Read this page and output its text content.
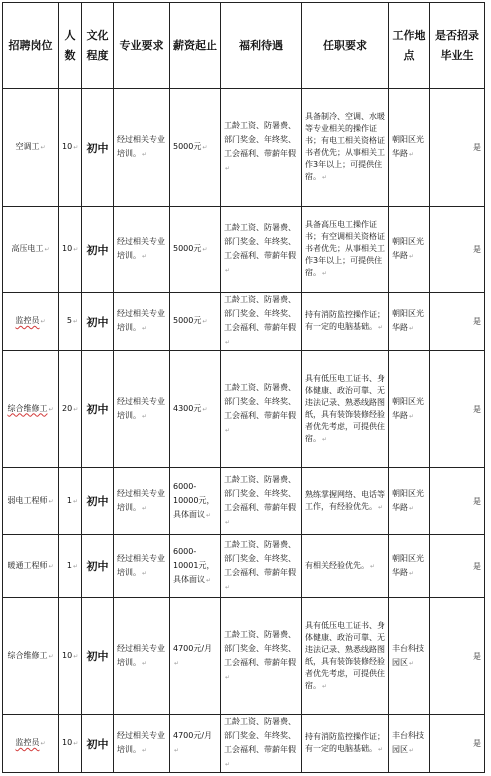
招聘岗位	人数	文化程度	专业要求	薪资起止	福利待遇	任职要求	工作地点	是否招录毕业生
空调工↵	10↵	初中	经过相关专业培训。↵	5000元↵	工龄工资、防暑费、部门奖金、年终奖、工会福利、带薪年假↵	具备制冷、空调、水暖等专业相关的操作证书；有电工相关资格证书者优先；从事相关工作3年以上；可提供住宿。↵	朝阳区光华路↵	是
高压电工↵	10↵	初中	经过相关专业培训。↵	5000元↵	工龄工资、防暑费、部门奖金、年终奖、工会福利、带薪年假↵	具备高压电工操作证书；有空调相关资格证书者优先；从事相关工作3年以上；可提供住宿。↵	朝阳区光华路↵	是
监控员↵	5↵	初中	经过相关专业培训。↵	5000元↵	工龄工资、防暑费、部门奖金、年终奖、工会福利、带薪年假↵	持有消防监控操作证；有一定的电脑基础。↵	朝阳区光华路↵	是
综合维修工↵	20↵	初中	经过相关专业培训。↵	4300元↵	工龄工资、防暑费、部门奖金、年终奖、工会福利、带薪年假↵	具有低压电工证书、身体健康、政治可靠、无违法记录、熟悉线路图纸，具有装饰装修经验者优先考虑，可提供住宿。↵	朝阳区光华路↵	是
弱电工程师↵	1↵	初中	经过相关专业培训。↵	6000-10000元，具体面议↵	工龄工资、防暑费、部门奖金、年终奖、工会福利、带薪年假↵	熟练掌握网络、电话等工作，有经验优先。↵	朝阳区光华路↵	是
暖通工程师↵	1↵	初中	经过相关专业培训。↵	6000-10001元，具体面议↵	工龄工资、防暑费、部门奖金、年终奖、工会福利、带薪年假↵	有相关经验优先。↵	朝阳区光华路↵	是
综合维修工↵	10↵	初中	经过相关专业培训。↵	4700元/月↵	工龄工资、防暑费、部门奖金、年终奖、工会福利、带薪年假↵	具有低压电工证书、身体健康、政治可靠、无违法记录、熟悉线路图纸，具有装饰装修经验者优先考虑，可提供住宿。↵	丰台科技园区↵	是
监控员↵	10↵	初中	经过相关专业培训。↵	4700元/月↵	工龄工资、防暑费、部门奖金、年终奖、工会福利、带薪年假↵	持有消防监控操作证；有一定的电脑基础。↵	丰台科技园区↵	是
